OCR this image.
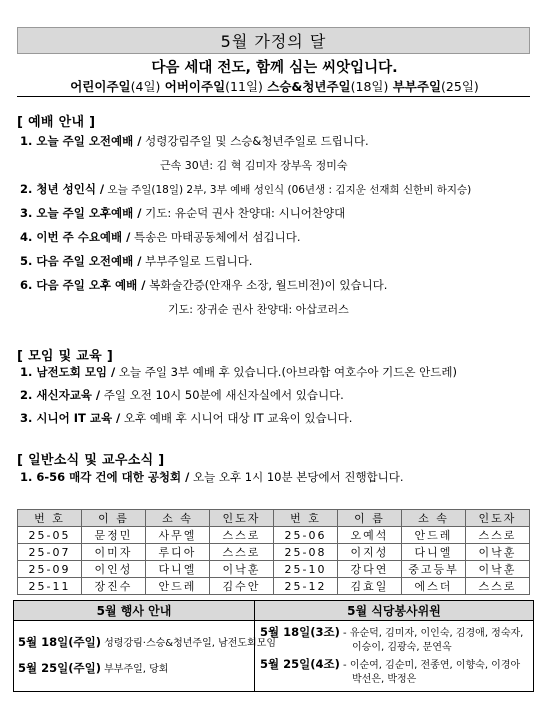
5월 가정의 달
다음 세대 전도, 함께 심는 씨앗입니다.
어린이주일(4일) 어버이주일(11일) 스승&청년주일(18일) 부부주일(25일)
[ 예배 안내 ]
1. 오늘 주일 오전예배 / 성령강림주일 및 스승&청년주일로 드립니다.
근속 30년: 김 혁 김미자 장부옥 정미숙
2. 청년 성인식 / 오늘 주일(18일) 2부, 3부 예배 성인식 (06년생 : 김지운 선재희 신한비 하지승)
3. 오늘 주일 오후예배 / 기도: 유순덕 권사 찬양대: 시니어찬양대
4. 이번 주 수요예배 / 특송은 마태공동체에서 섬깁니다.
5. 다음 주일 오전예배 / 부부주일로 드립니다.
6. 다음 주일 오후 예배 / 복화술간증(안재우 소장, 월드비전)이 있습니다.
기도: 장귀순 권사 찬양대: 아삽코러스
[ 모임 및 교육 ]
1. 남전도회 모임 / 오늘 주일 3부 예배 후 있습니다.(아브라함 여호수아 기드온 안드레)
2. 새신자교육 / 주일 오전 10시 50분에 새신자실에서 있습니다.
3. 시니어 IT 교육 / 오후 예배 후 시니어 대상 IT 교육이 있습니다.
[ 일반소식 및 교우소식 ]
1. 6-56 매각 건에 대한 공청회 / 오늘 오후 1시 10분 본당에서 진행합니다.
번 호	이 름	소 속	인도자	번 호	이 름	소 속	인도자
25-05	문정민	사무엘	스스로	25-06	오예석	안드레	스스로
25-07	이미자	루디아	스스로	25-08	이지성	다니엘	이낙훈
25-09	이인성	다니엘	이낙훈	25-10	강다연	중고등부	이낙훈
25-11	장진수	안드레	김수안	25-12	김효일	에스더	스스로
5월 행사 안내	5월 식당봉사위원
5월 18일(주일) 성령강림·스승&청년주일, 남전도회모임
5월 25일(주일) 부부주일, 당회
5월 18일(3조) - 유순덕, 김미자, 이인숙, 김경애, 정숙자,
이승이, 김광숙, 문연옥
5월 25일(4조) - 이순여, 김순미, 전종연, 이향숙, 이경아
박선은, 박정은
